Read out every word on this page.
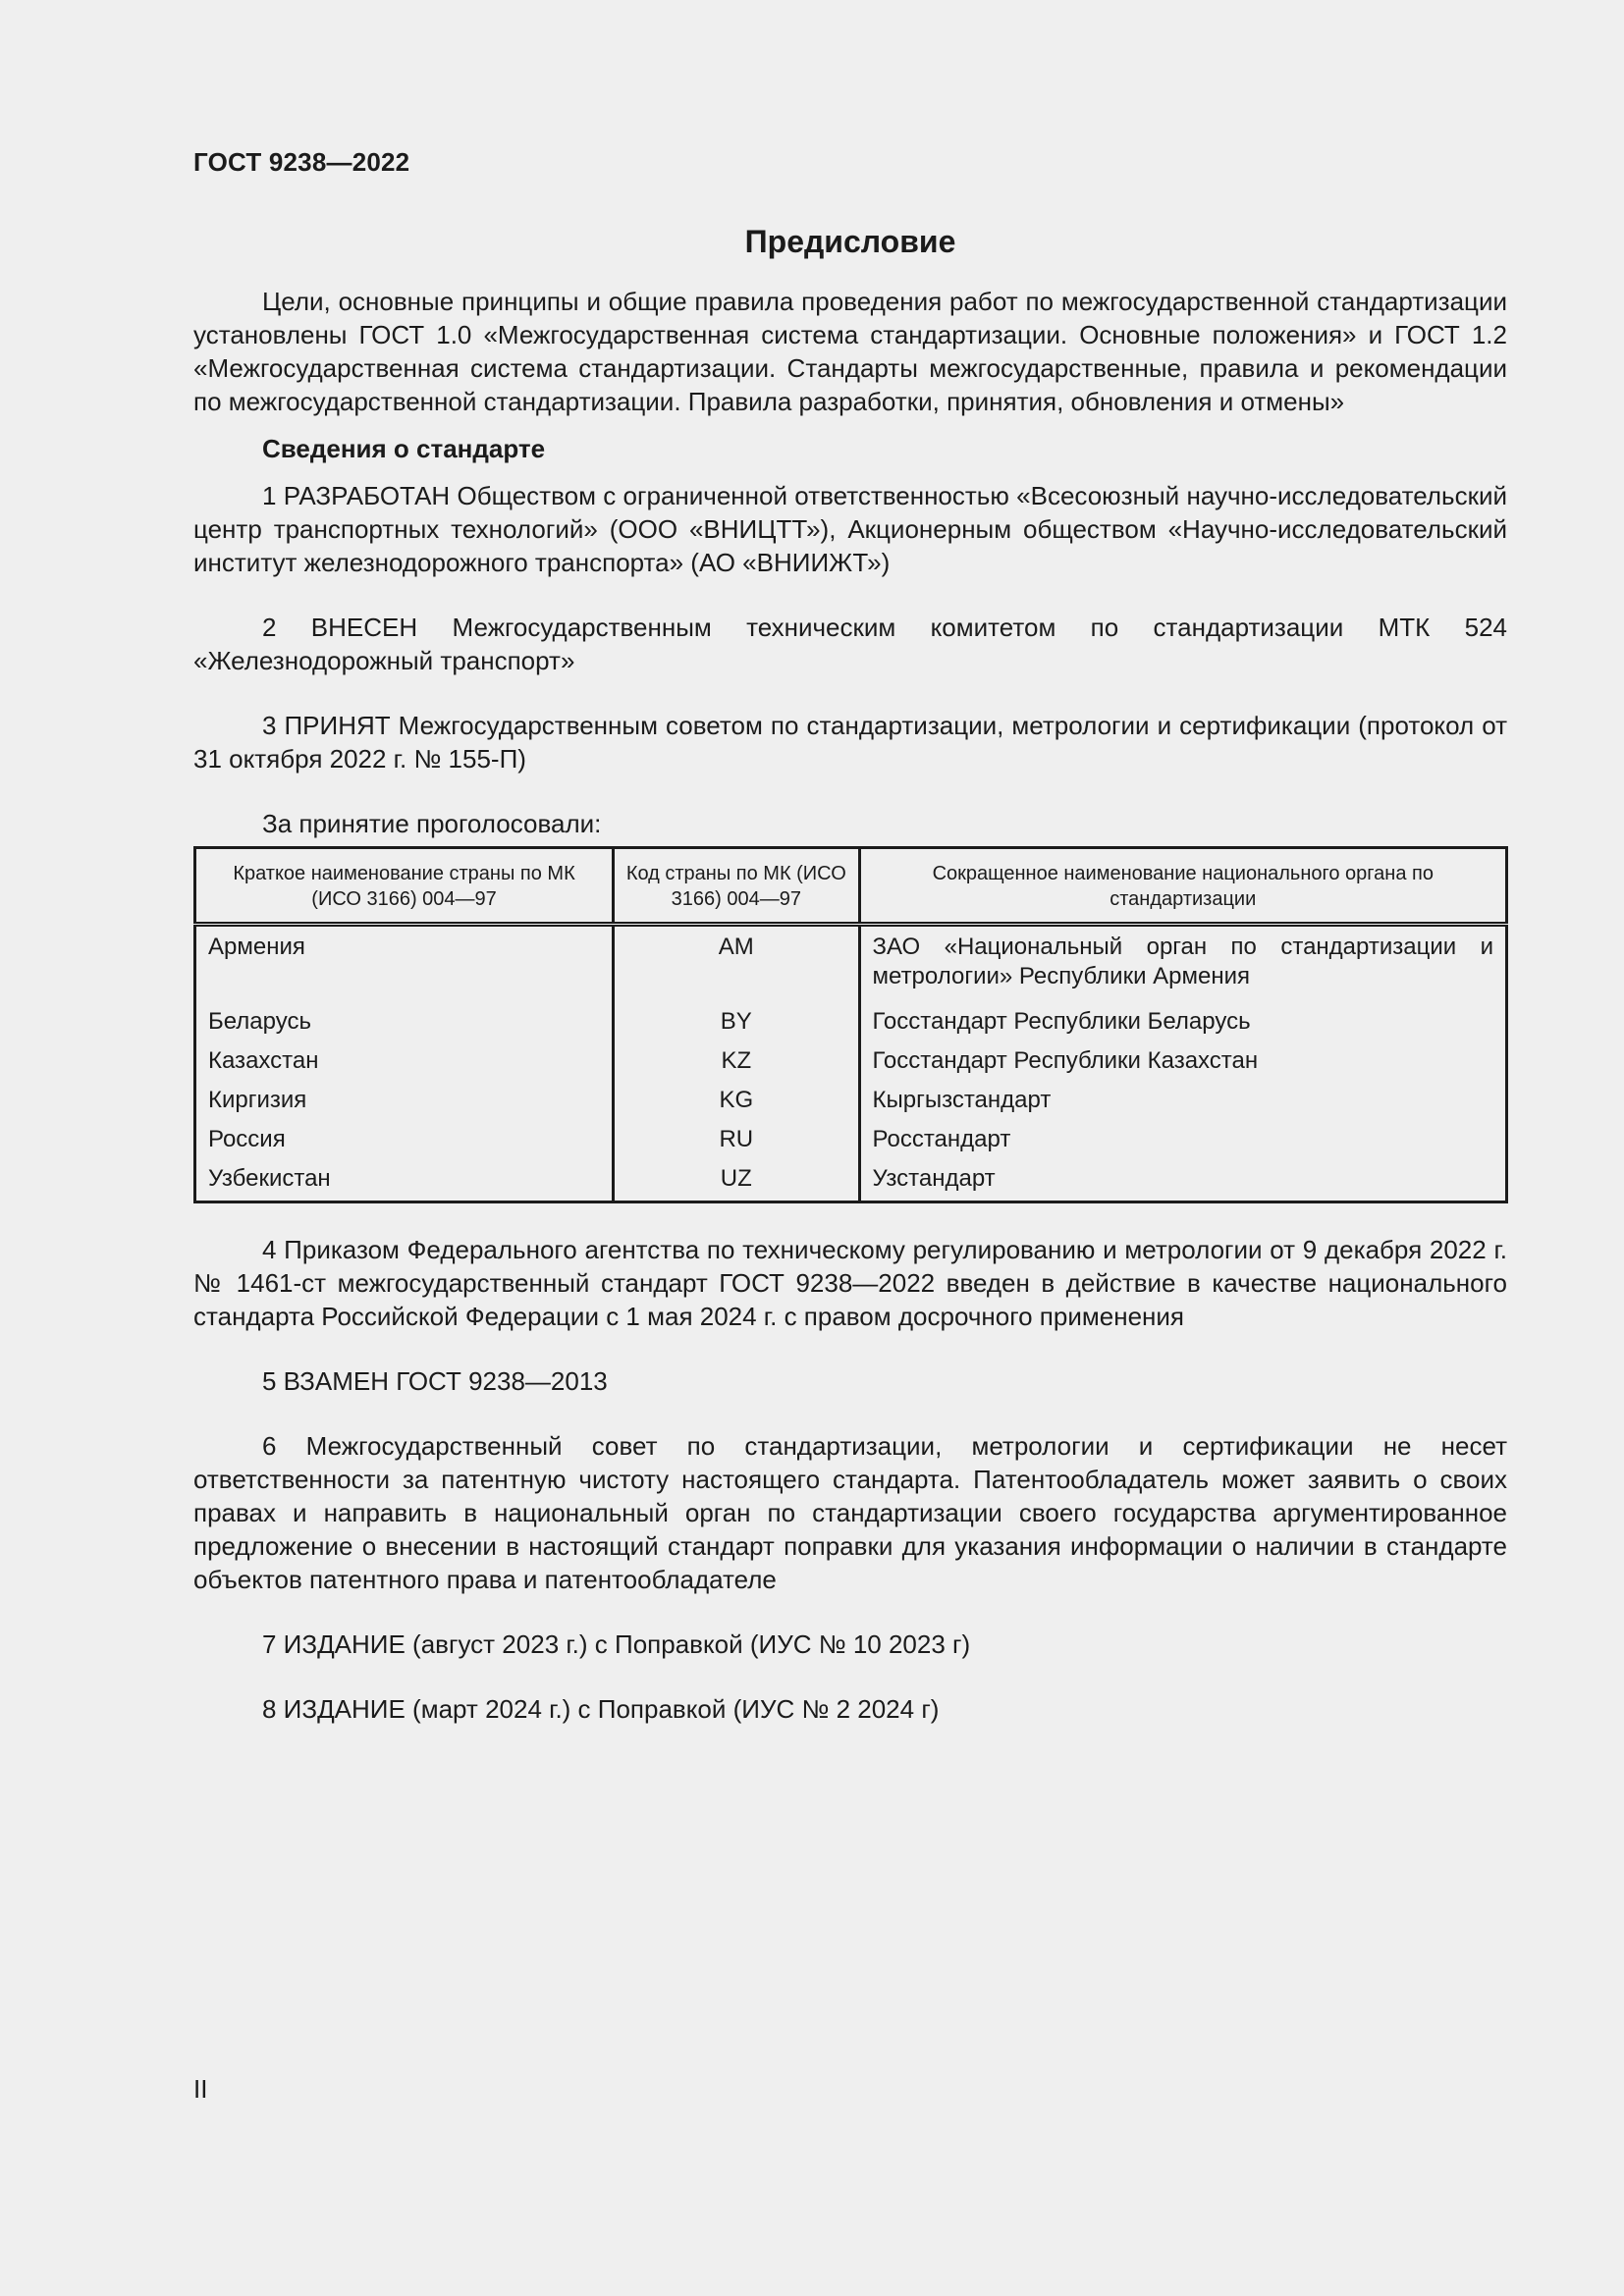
ГОСТ 9238—2022
Предисловие

Цели, основные принципы и общие правила проведения работ по межгосударственной стандартизации установлены ГОСТ 1.0 «Межгосударственная система стандартизации. Основные положения» и ГОСТ 1.2 «Межгосударственная система стандартизации. Стандарты межгосударственные, правила и рекомендации по межгосударственной стандартизации. Правила разработки, принятия, обновления и отмены»

Сведения о стандарте

1 РАЗРАБОТАН Обществом с ограниченной ответственностью «Всесоюзный научно-исследовательский центр транспортных технологий» (ООО «ВНИЦТТ»), Акционерным обществом «Научно-исследовательский институт железнодорожного транспорта» (АО «ВНИИЖТ»)

2 ВНЕСЕН Межгосударственным техническим комитетом по стандартизации МТК 524 «Железнодорожный транспорт»

3 ПРИНЯТ Межгосударственным советом по стандартизации, метрологии и сертификации (протокол от 31 октября 2022 г. № 155-П)

За принятие проголосовали:

Краткое наименование страны по МК (ИСО 3166) 004—97	Код страны по МК (ИСО 3166) 004—97	Сокращенное наименование национального органа по стандартизации
Армения	AM	ЗАО «Национальный орган по стандартизации и метрологии» Республики Армения
Беларусь	BY	Госстандарт Республики Беларусь
Казахстан	KZ	Госстандарт Республики Казахстан
Киргизия	KG	Кыргызстандарт
Россия	RU	Росстандарт
Узбекистан	UZ	Узстандарт

4 Приказом Федерального агентства по техническому регулированию и метрологии от 9 декабря 2022 г. № 1461-ст межгосударственный стандарт ГОСТ 9238—2022 введен в действие в качестве национального стандарта Российской Федерации с 1 мая 2024 г. с правом досрочного применения

5 ВЗАМЕН ГОСТ 9238—2013

6 Межгосударственный совет по стандартизации, метрологии и сертификации не несет ответственности за патентную чистоту настоящего стандарта. Патентообладатель может заявить о своих правах и направить в национальный орган по стандартизации своего государства аргументированное предложение о внесении в настоящий стандарт поправки для указания информации о наличии в стандарте объектов патентного права и патентообладателе

7 ИЗДАНИЕ (август 2023 г.) с Поправкой (ИУС № 10 2023 г)

8 ИЗДАНИЕ (март 2024 г.) с Поправкой (ИУС № 2 2024 г)

II
